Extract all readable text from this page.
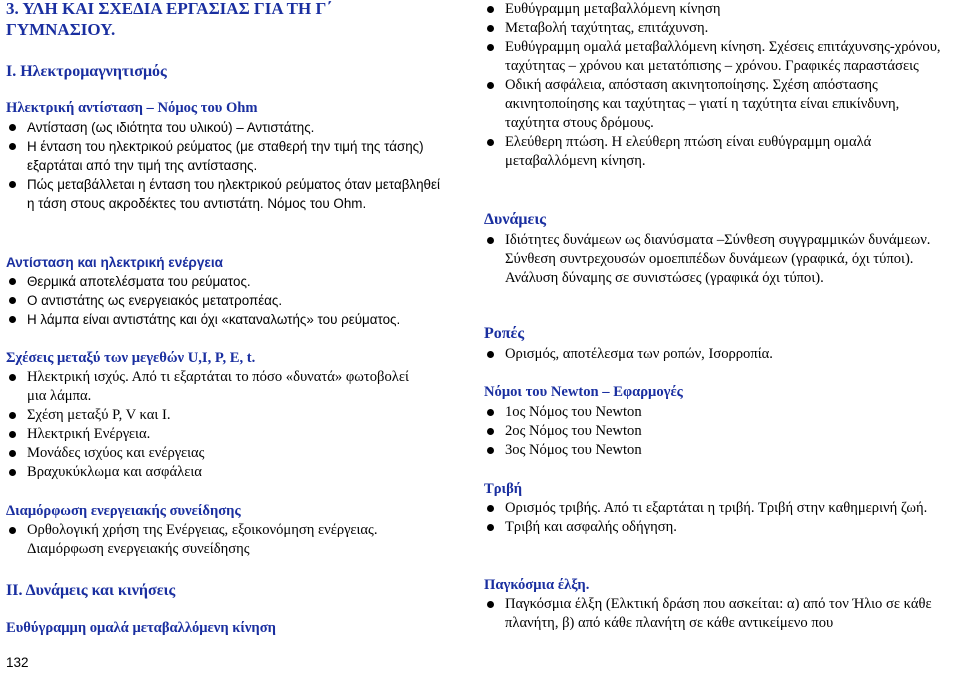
3. ΥΛΗ ΚΑΙ ΣΧΕΔΙΑ ΕΡΓΑΣΙΑΣ ΓΙΑ ΤΗ Γ΄

ΓΥΜΝΑΣΙΟΥ.

Ι. Ηλεκτρομαγνητισμός

Ηλεκτρική αντίσταση – Νόμος του Ohm

Αντίσταση (ως ιδιότητα του υλικού) – Αντιστάτης.
Η ένταση του ηλεκτρικού ρεύματος (με σταθερή την τιμή της τάσης) εξαρτάται από την τιμή της αντίστασης.
Πώς μεταβάλλεται η ένταση του ηλεκτρικού ρεύματος όταν μεταβληθεί η τάση στους ακροδέκτες του αντιστάτη. Νόμος του Ohm.

Αντίσταση και ηλεκτρική ενέργεια

Θερμικά αποτελέσματα του ρεύματος.
Ο αντιστάτης ως ενεργειακός μετατροπέας.
Η λάμπα είναι αντιστάτης και όχι «καταναλωτής» του ρεύματος.

Σχέσεις μεταξύ των μεγεθών U,I, P, E, t.

Ηλεκτρική ισχύς. Από τι εξαρτάται το πόσο «δυνατά» φωτοβολεί μια λάμπα.
Σχέση μεταξύ P, V και Ι.
Ηλεκτρική Ενέργεια.
Μονάδες ισχύος και ενέργειας
Βραχυκύκλωμα και ασφάλεια

Διαμόρφωση ενεργειακής συνείδησης

Ορθολογική χρήση της Ενέργειας, εξοικονόμηση ενέργειας.
Διαμόρφωση ενεργειακής συνείδησης

ΙΙ. Δυνάμεις και κινήσεις

Ευθύγραμμη ομαλά μεταβαλλόμενη κίνηση

132
Ευθύγραμμη μεταβαλλόμενη κίνηση
Μεταβολή ταχύτητας, επιτάχυνση.
Ευθύγραμμη ομαλά μεταβαλλόμενη κίνηση. Σχέσεις επιτάχυνσης-χρόνου, ταχύτητας – χρόνου και μετατόπισης – χρόνου. Γραφικές παραστάσεις
Οδική ασφάλεια, απόσταση ακινητοποίησης. Σχέση απόστασης ακινητοποίησης και ταχύτητας – γιατί η ταχύτητα είναι επικίνδυνη, ταχύτητα στους δρόμους.
Ελεύθερη πτώση. Η ελεύθερη πτώση είναι ευθύγραμμη ομαλά μεταβαλλόμενη κίνηση.

Δυνάμεις

Ιδιότητες δυνάμεων ως διανύσματα –Σύνθεση συγγραμμικών δυνάμεων. Σύνθεση συντρεχουσών ομοεπιπέδων δυνάμεων (γραφικά, όχι τύποι). Ανάλυση δύναμης σε συνιστώσες (γραφικά όχι τύποι).

Ροπές

Ορισμός, αποτέλεσμα των ροπών, Ισορροπία.

Νόμοι του Newton – Εφαρμογές

1ος Νόμος του Newton
2ος Νόμος του Newton
3ος Νόμος του Newton

Τριβή

Ορισμός τριβής. Από τι εξαρτάται η τριβή. Τριβή στην καθημερινή ζωή.
Τριβή και ασφαλής οδήγηση.

Παγκόσμια έλξη.

Παγκόσμια έλξη (Ελκτική δράση που ασκείται: α) από τον Ήλιο σε κάθε πλανήτη, β) από κάθε πλανήτη σε κάθε αντικείμενο που
